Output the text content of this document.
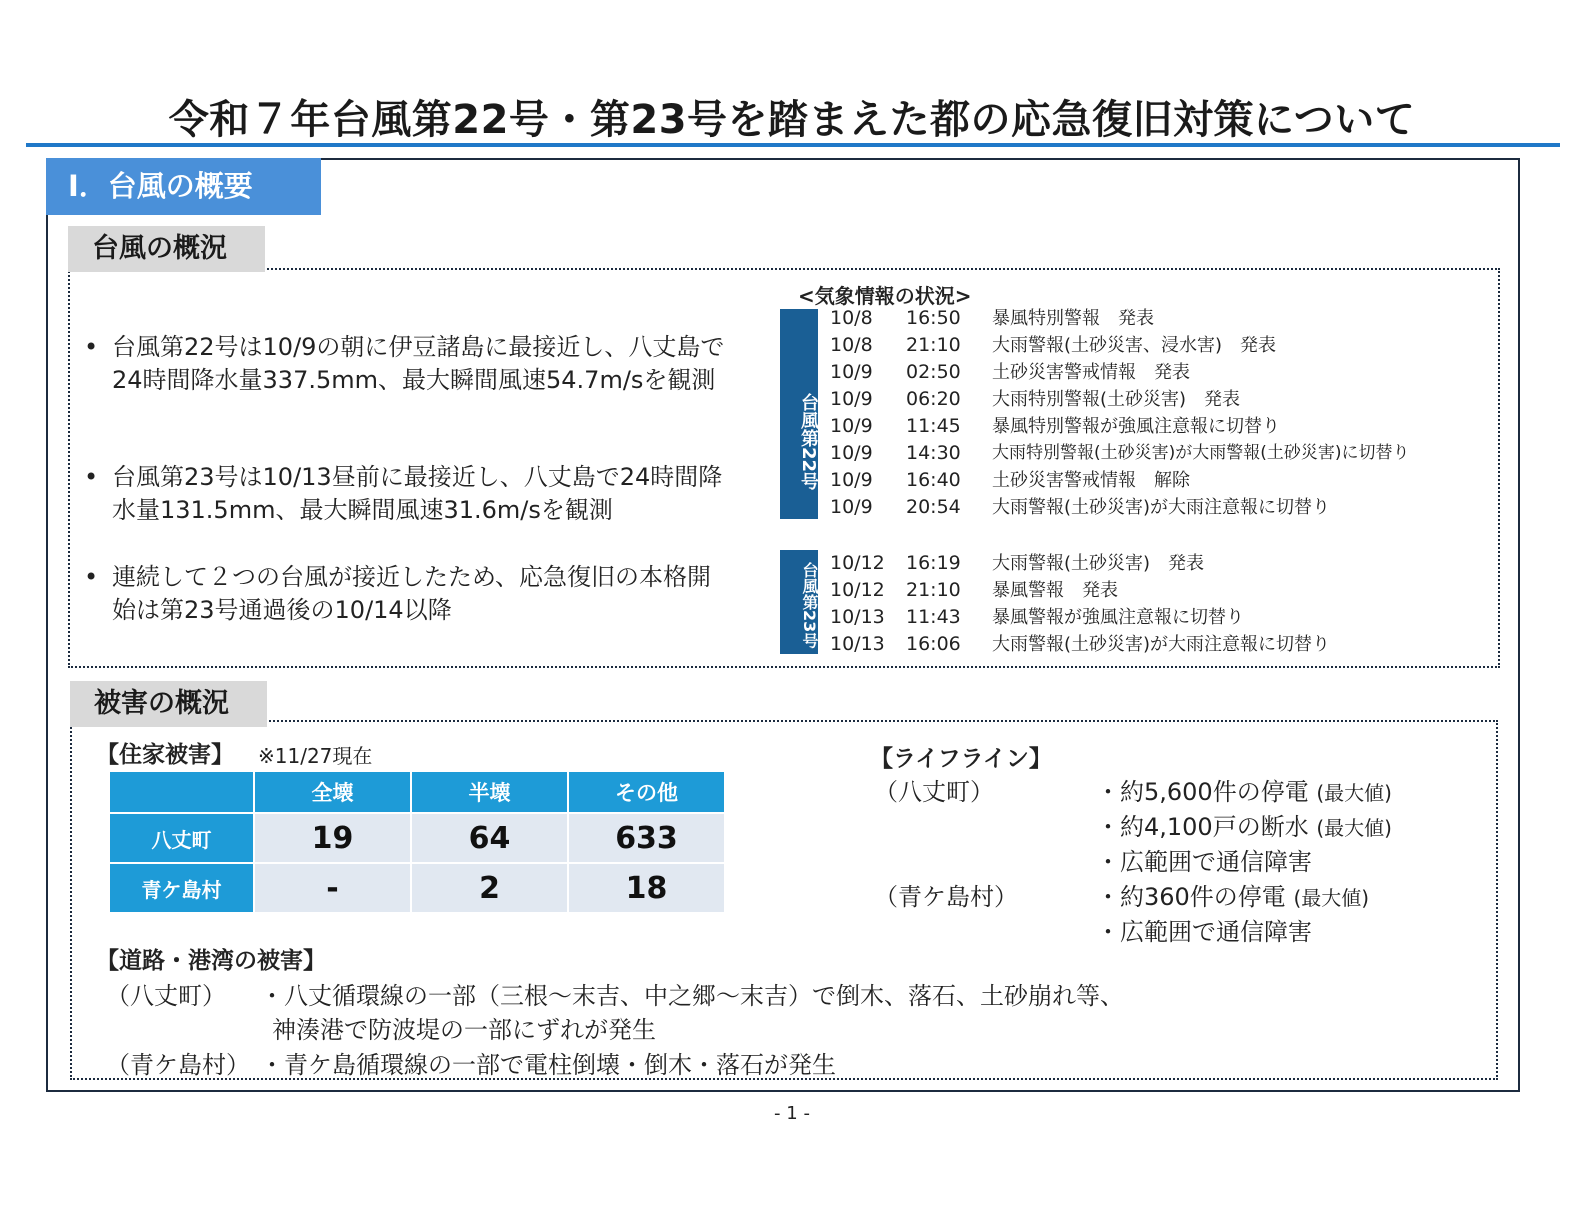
令和７年台風第22号・第23号を踏まえた都の応急復旧対策について
Ⅰ．台風の概要
台風の概況
• 台風第22号は10/9の朝に伊豆諸島に最接近し、八丈島で24時間降水量337.5mm、最大瞬間風速54.7m/sを観測
• 台風第23号は10/13昼前に最接近し、八丈島で24時間降水量131.5mm、最大瞬間風速31.6m/sを観測
• 連続して２つの台風が接近したため、応急復旧の本格開始は第23号通過後の10/14以降
<気象情報の状況>
台風第22号
台風第23号
10/8 16:50 暴風特別警報　発表
10/8 21:10 大雨警報(土砂災害、浸水害)　発表
10/9 02:50 土砂災害警戒情報　発表
10/9 06:20 大雨特別警報(土砂災害)　発表
10/9 11:45 暴風特別警報が強風注意報に切替り
10/9 14:30 大雨特別警報(土砂災害)が大雨警報(土砂災害)に切替り
10/9 16:40 土砂災害警戒情報　解除
10/9 20:54 大雨警報(土砂災害)が大雨注意報に切替り
10/12 16:19 大雨警報(土砂災害)　発表
10/12 21:10 暴風警報　発表
10/13 11:43 暴風警報が強風注意報に切替り
10/13 16:06 大雨警報(土砂災害)が大雨注意報に切替り
被害の概況
【住家被害】 ※11/27現在
	全壊	半壊	その他
八丈町	19	64	633
青ケ島村	-	2	18
【ライフライン】
（八丈町）	・約5,600件の停電 (最大値)
・約4,100戸の断水 (最大値)
・広範囲で通信障害
（青ケ島村）	・約360件の停電 (最大値)
・広範囲で通信障害
【道路・港湾の被害】
（八丈町） ・八丈循環線の一部（三根～末吉、中之郷～末吉）で倒木、落石、土砂崩れ等、
神湊港で防波堤の一部にずれが発生
（青ケ島村） ・青ケ島循環線の一部で電柱倒壊・倒木・落石が発生
- 1 -
